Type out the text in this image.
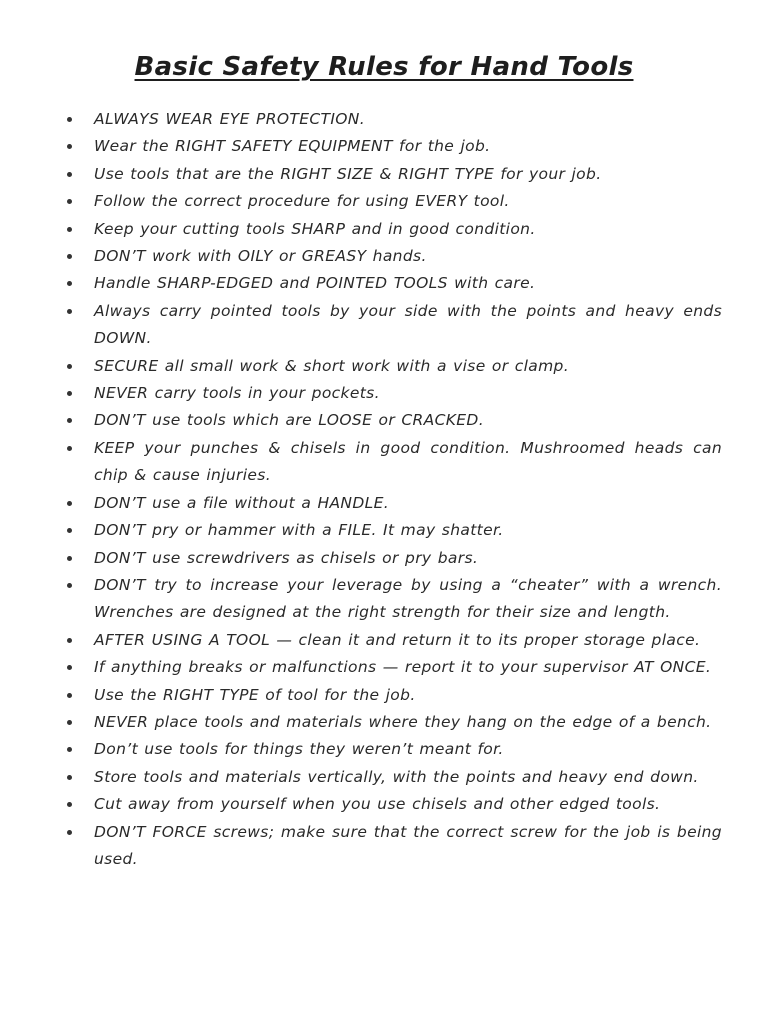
Basic Safety Rules for Hand Tools
ALWAYS WEAR EYE PROTECTION.
Wear the RIGHT SAFETY EQUIPMENT for the job.
Use tools that are the RIGHT SIZE & RIGHT TYPE for your job.
Follow the correct procedure for using EVERY tool.
Keep your cutting tools SHARP and in good condition.
DON’T work with OILY or GREASY hands.
Handle SHARP-EDGED and POINTED TOOLS with care.
Always carry pointed tools by your side with the points and heavy ends DOWN.
SECURE all small work & short work with a vise or clamp.
NEVER carry tools in your pockets.
DON’T use tools which are LOOSE or CRACKED.
KEEP your punches & chisels in good condition. Mushroomed heads can chip & cause injuries.
DON’T use a file without a HANDLE.
DON’T pry or hammer with a FILE. It may shatter.
DON’T use screwdrivers as chisels or pry bars.
DON’T try to increase your leverage by using a “cheater” with a wrench. Wrenches are designed at the right strength for their size and length.
AFTER USING A TOOL — clean it and return it to its proper storage place.
If anything breaks or malfunctions — report it to your supervisor AT ONCE.
Use the RIGHT TYPE of tool for the job.
NEVER place tools and materials where they hang on the edge of a bench.
Don’t use tools for things they weren’t meant for.
Store tools and materials vertically, with the points and heavy end down.
Cut away from yourself when you use chisels and other edged tools.
DON’T FORCE screws; make sure that the correct screw for the job is being used.
